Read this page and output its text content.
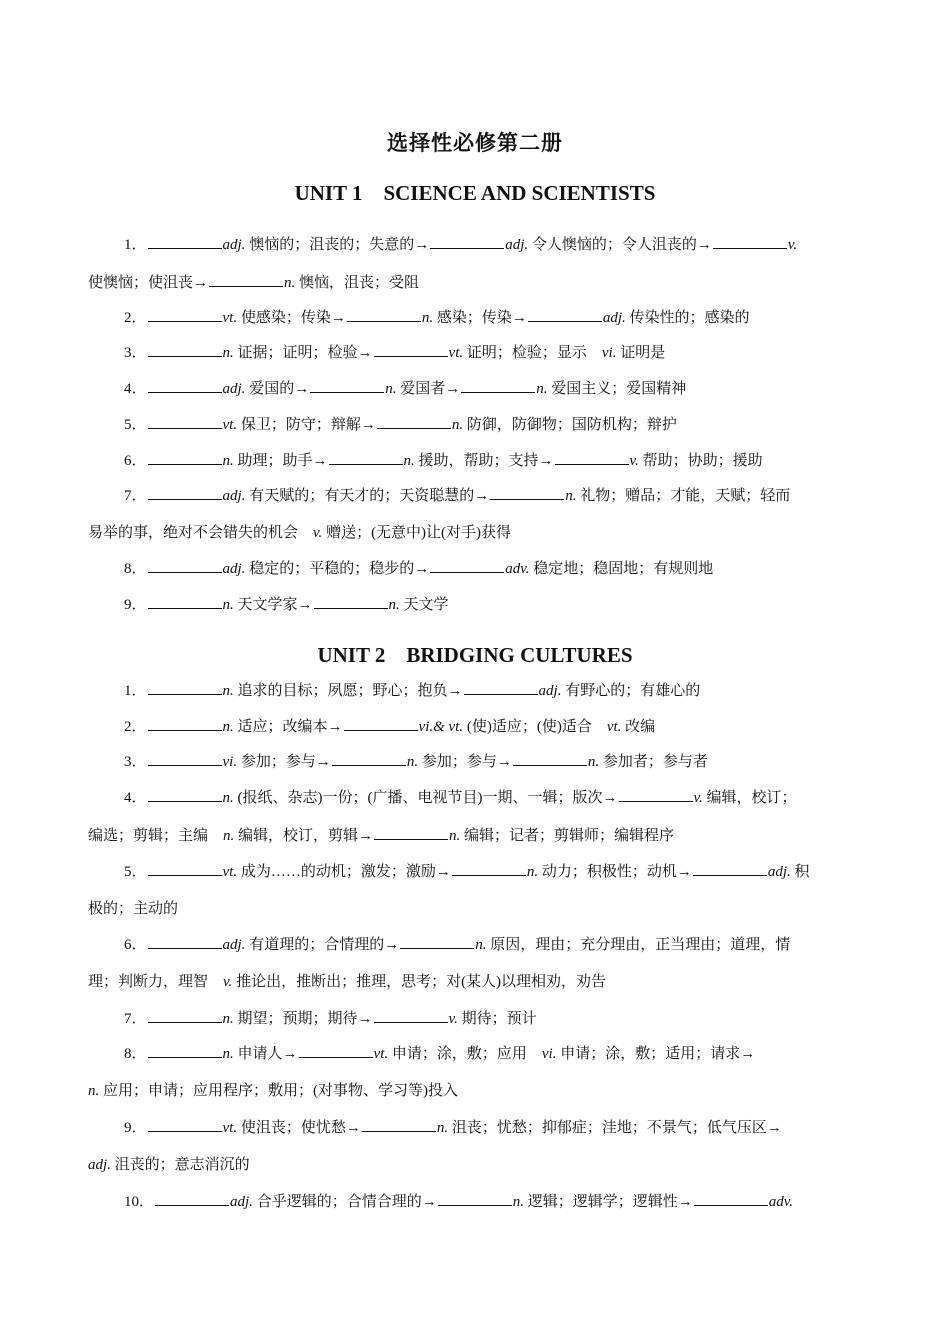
选择性必修第二册
UNIT 1　SCIENCE AND SCIENTISTS
1．	adj. 懊恼的；沮丧的；失意的→	adj. 令人懊恼的；令人沮丧的→	v.
使懊恼；使沮丧→	n. 懊恼，沮丧；受阻
2．	vt. 使感染；传染→	n. 感染；传染→	adj. 传染性的；感染的
3．	n. 证据；证明；检验→	vt. 证明；检验；显示　vi. 证明是
4．	adj. 爱国的→	n. 爱国者→	n. 爱国主义；爱国精神
5．	vt. 保卫；防守；辩解→	n. 防御，防御物；国防机构；辩护
6．	n. 助理；助手→	n. 援助，帮助；支持→	v. 帮助；协助；援助
7．	adj. 有天赋的；有天才的；天资聪慧的→	n. 礼物；赠品；才能，天赋；轻而
易举的事，绝对不会错失的机会　v. 赠送；(无意中)让(对手)获得
8．	adj. 稳定的；平稳的；稳步的→	adv. 稳定地；稳固地；有规则地
9．	n. 天文学家→	n. 天文学
UNIT 2　BRIDGING CULTURES
1．	n. 追求的目标；夙愿；野心；抱负→	adj. 有野心的；有雄心的
2．	n. 适应；改编本→	vi.& vt. (使)适应；(使)适合　vt. 改编
3．	vi. 参加；参与→	n. 参加；参与→	n. 参加者；参与者
4．	n. (报纸、杂志)一份；(广播、电视节目)一期、一辑；版次→	v. 编辑，校订；
编选；剪辑；主编　n. 编辑，校订，剪辑→	n. 编辑；记者；剪辑师；编辑程序
5．	vt. 成为……的动机；激发；激励→	n. 动力；积极性；动机→	adj. 积
极的；主动的
6．	adj. 有道理的；合情理的→	n. 原因，理由；充分理由，正当理由；道理，情
理；判断力，理智　v. 推论出，推断出；推理，思考；对(某人)以理相劝，劝告
7．	n. 期望；预期；期待→	v. 期待；预计
8．	n. 申请人→	vt. 申请；涂，敷；应用　vi. 申请；涂，敷；适用；请求→
n. 应用；申请；应用程序；敷用；(对事物、学习等)投入
9．	vt. 使沮丧；使忧愁→	n. 沮丧；忧愁；抑郁症；洼地；不景气；低气压区→
adj. 沮丧的；意志消沉的
10．	adj. 合乎逻辑的；合情合理的→	n. 逻辑；逻辑学；逻辑性→	adv.
